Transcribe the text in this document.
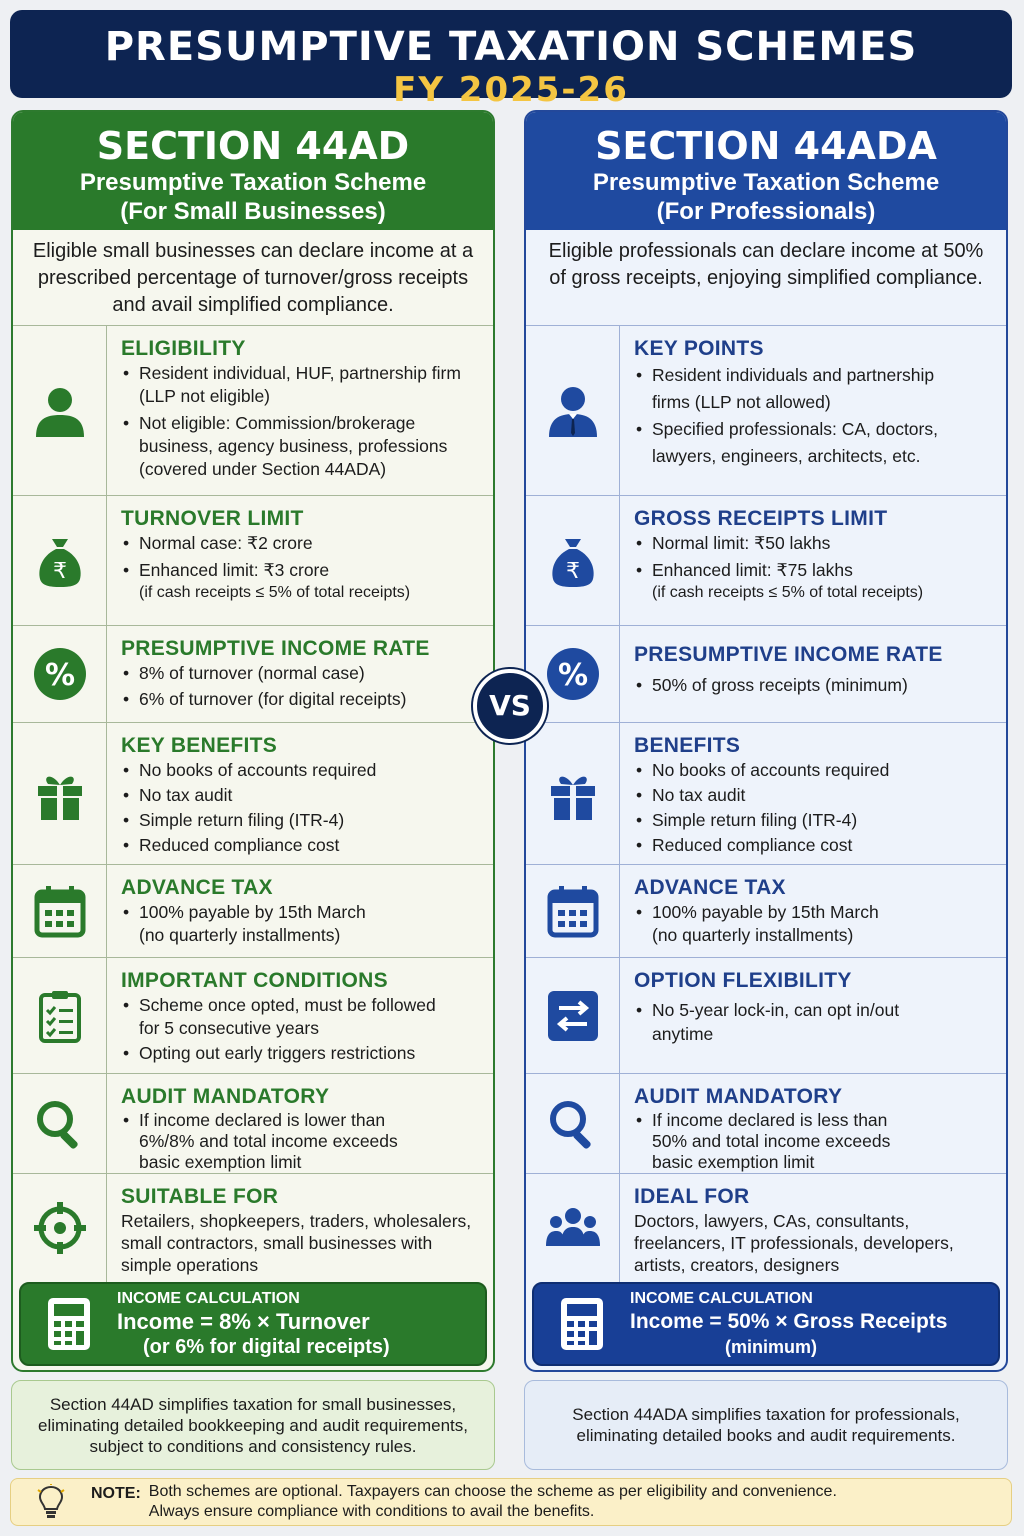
PRESUMPTIVE TAXATION SCHEMES
FY 2025-26
SECTION 44AD
Presumptive Taxation Scheme
(For Small Businesses)
Eligible small businesses can declare income at a prescribed percentage of turnover/gross receipts and avail simplified compliance.
ELIGIBILITY
• Resident individual, HUF, partnership firm (LLP not eligible)
• Not eligible: Commission/brokerage business, agency business, professions (covered under Section 44ADA)
₹
TURNOVER LIMIT
• Normal case: ₹2 crore
• Enhanced limit: ₹3 crore
(if cash receipts ≤ 5% of total receipts)
%
PRESUMPTIVE INCOME RATE
• 8% of turnover (normal case)
• 6% of turnover (for digital receipts)
KEY BENEFITS
• No books of accounts required
• No tax audit
• Simple return filing (ITR-4)
• Reduced compliance cost
ADVANCE TAX
• 100% payable by 15th March (no quarterly installments)
IMPORTANT CONDITIONS
• Scheme once opted, must be followed for 5 consecutive years
• Opting out early triggers restrictions
AUDIT MANDATORY
• If income declared is lower than 6%/8% and total income exceeds basic exemption limit
SUITABLE FOR
Retailers, shopkeepers, traders, wholesalers, small contractors, small businesses with simple operations
INCOME CALCULATION
Income = 8% × Turnover
(or 6% for digital receipts)
SECTION 44ADA
Presumptive Taxation Scheme
(For Professionals)
Eligible professionals can declare income at 50% of gross receipts, enjoying simplified compliance.
KEY POINTS
• Resident individuals and partnership firms (LLP not allowed)
• Specified professionals: CA, doctors, lawyers, engineers, architects, etc.
₹
GROSS RECEIPTS LIMIT
• Normal limit: ₹50 lakhs
• Enhanced limit: ₹75 lakhs
(if cash receipts ≤ 5% of total receipts)
%
PRESUMPTIVE INCOME RATE
• 50% of gross receipts (minimum)
BENEFITS
• No books of accounts required
• No tax audit
• Simple return filing (ITR-4)
• Reduced compliance cost
ADVANCE TAX
• 100% payable by 15th March (no quarterly installments)
OPTION FLEXIBILITY
• No 5-year lock-in, can opt in/out anytime
AUDIT MANDATORY
• If income declared is less than 50% and total income exceeds basic exemption limit
IDEAL FOR
Doctors, lawyers, CAs, consultants, freelancers, IT professionals, developers, artists, creators, designers
INCOME CALCULATION
Income = 50% × Gross Receipts
(minimum)
VS
Section 44AD simplifies taxation for small businesses, eliminating detailed bookkeeping and audit requirements, subject to conditions and consistency rules.
Section 44ADA simplifies taxation for professionals, eliminating detailed books and audit requirements.
NOTE: Both schemes are optional. Taxpayers can choose the scheme as per eligibility and convenience.
Always ensure compliance with conditions to avail the benefits.
